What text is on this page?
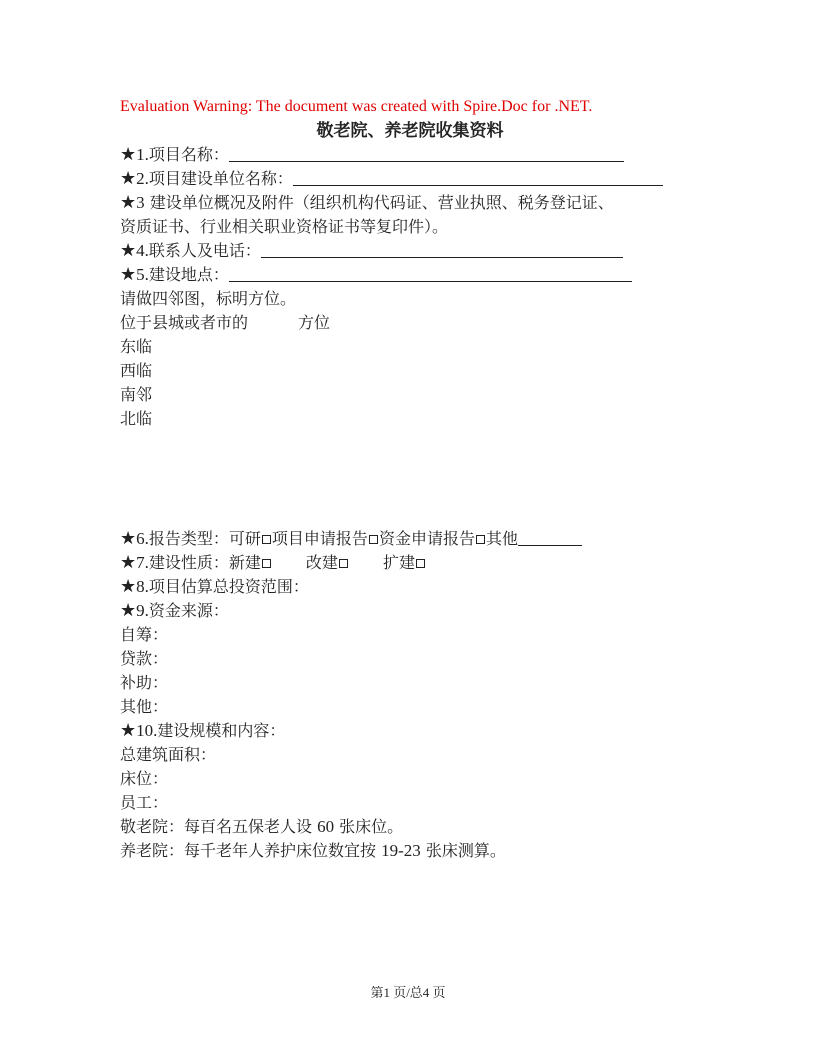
Evaluation Warning: The document was created with Spire.Doc for .NET.
敬老院、养老院收集资料
★1.项目名称：
★2.项目建设单位名称：
★3 建设单位概况及附件（组织机构代码证、营业执照、税务登记证、
资质证书、行业相关职业资格证书等复印件）。
★4.联系人及电话：
★5.建设地点：
请做四邻图，标明方位。
位于县城或者市的	方位
东临
西临
南邻
北临
★6.报告类型：可研 项目申请报告 资金申请报告 其他
★7.建设性质：新建	改建	扩建
★8.项目估算总投资范围：
★9.资金来源：
自筹：
贷款：
补助：
其他：
★10.建设规模和内容：
总建筑面积：
床位：
员工：
敬老院：每百名五保老人设 60 张床位。
养老院：每千老年人养护床位数宜按 19-23 张床测算。
第1 页/总4 页
